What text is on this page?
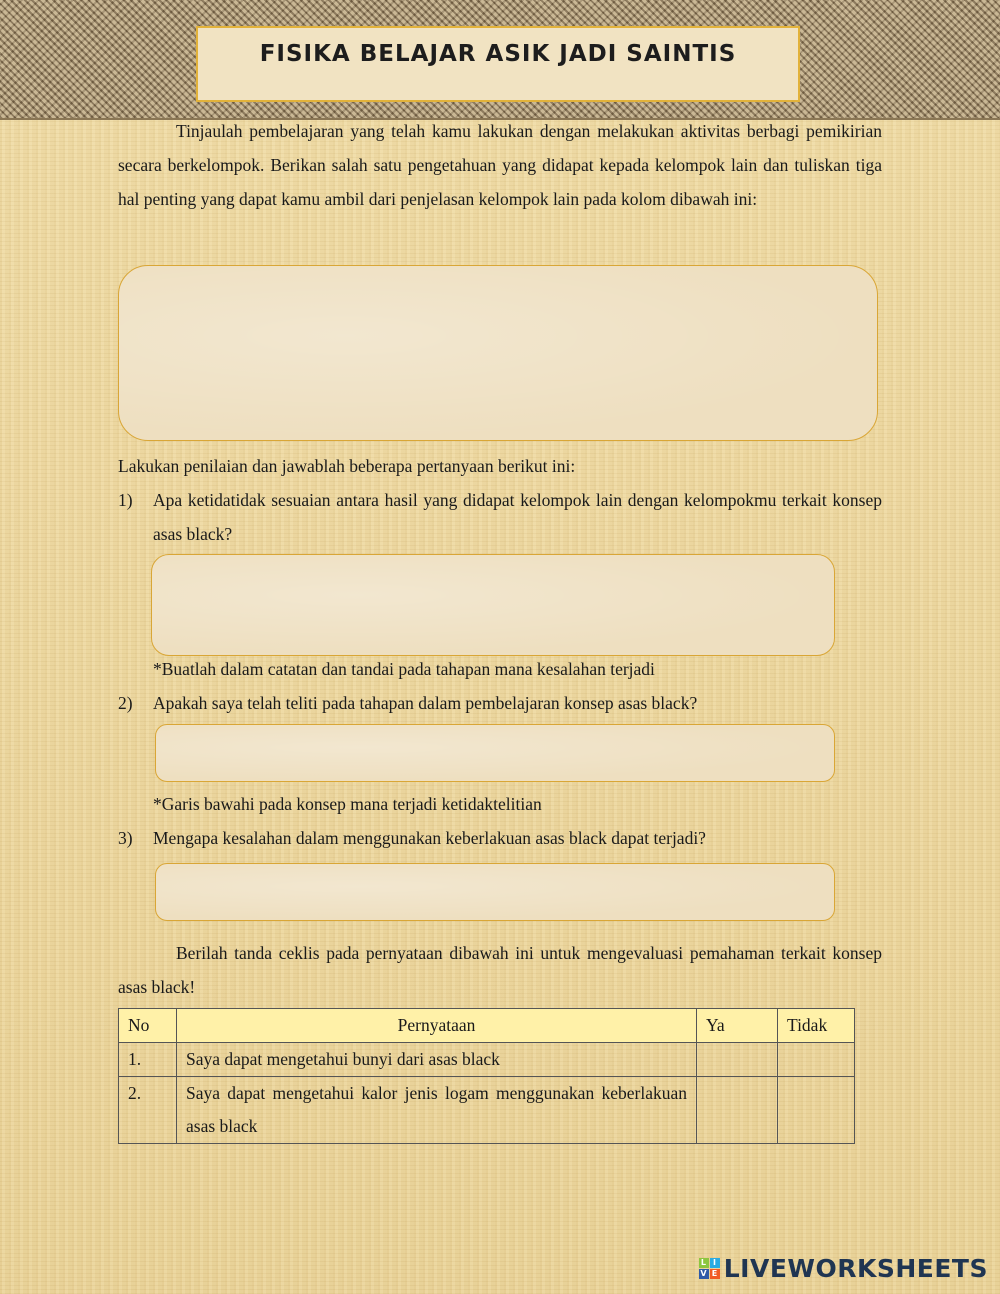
FISIKA BELAJAR ASIK JADI SAINTIS
Tinjaulah pembelajaran yang telah kamu lakukan dengan melakukan aktivitas berbagi pemikirian secara berkelompok. Berikan salah satu pengetahuan yang didapat kepada kelompok lain dan tuliskan tiga hal penting yang dapat kamu ambil dari penjelasan kelompok lain pada kolom dibawah ini:
Lakukan penilaian dan jawablah beberapa pertanyaan berikut ini:
1) Apa ketidatidak sesuaian antara hasil yang didapat kelompok lain dengan kelompokmu terkait konsep asas black?
*Buatlah dalam catatan dan tandai pada tahapan mana kesalahan terjadi
2) Apakah saya telah teliti pada tahapan dalam pembelajaran konsep asas black?
*Garis bawahi pada konsep mana terjadi ketidaktelitian
3) Mengapa kesalahan dalam menggunakan keberlakuan asas black dapat terjadi?
Berilah tanda ceklis pada pernyataan dibawah ini untuk mengevaluasi pemahaman terkait konsep asas black!
No	Pernyataan	Ya	Tidak
1.	Saya dapat mengetahui bunyi dari asas black		
2.	Saya dapat mengetahui kalor jenis logam menggunakan keberlakuan asas black		
L I
V E LIVEWORKSHEETS
